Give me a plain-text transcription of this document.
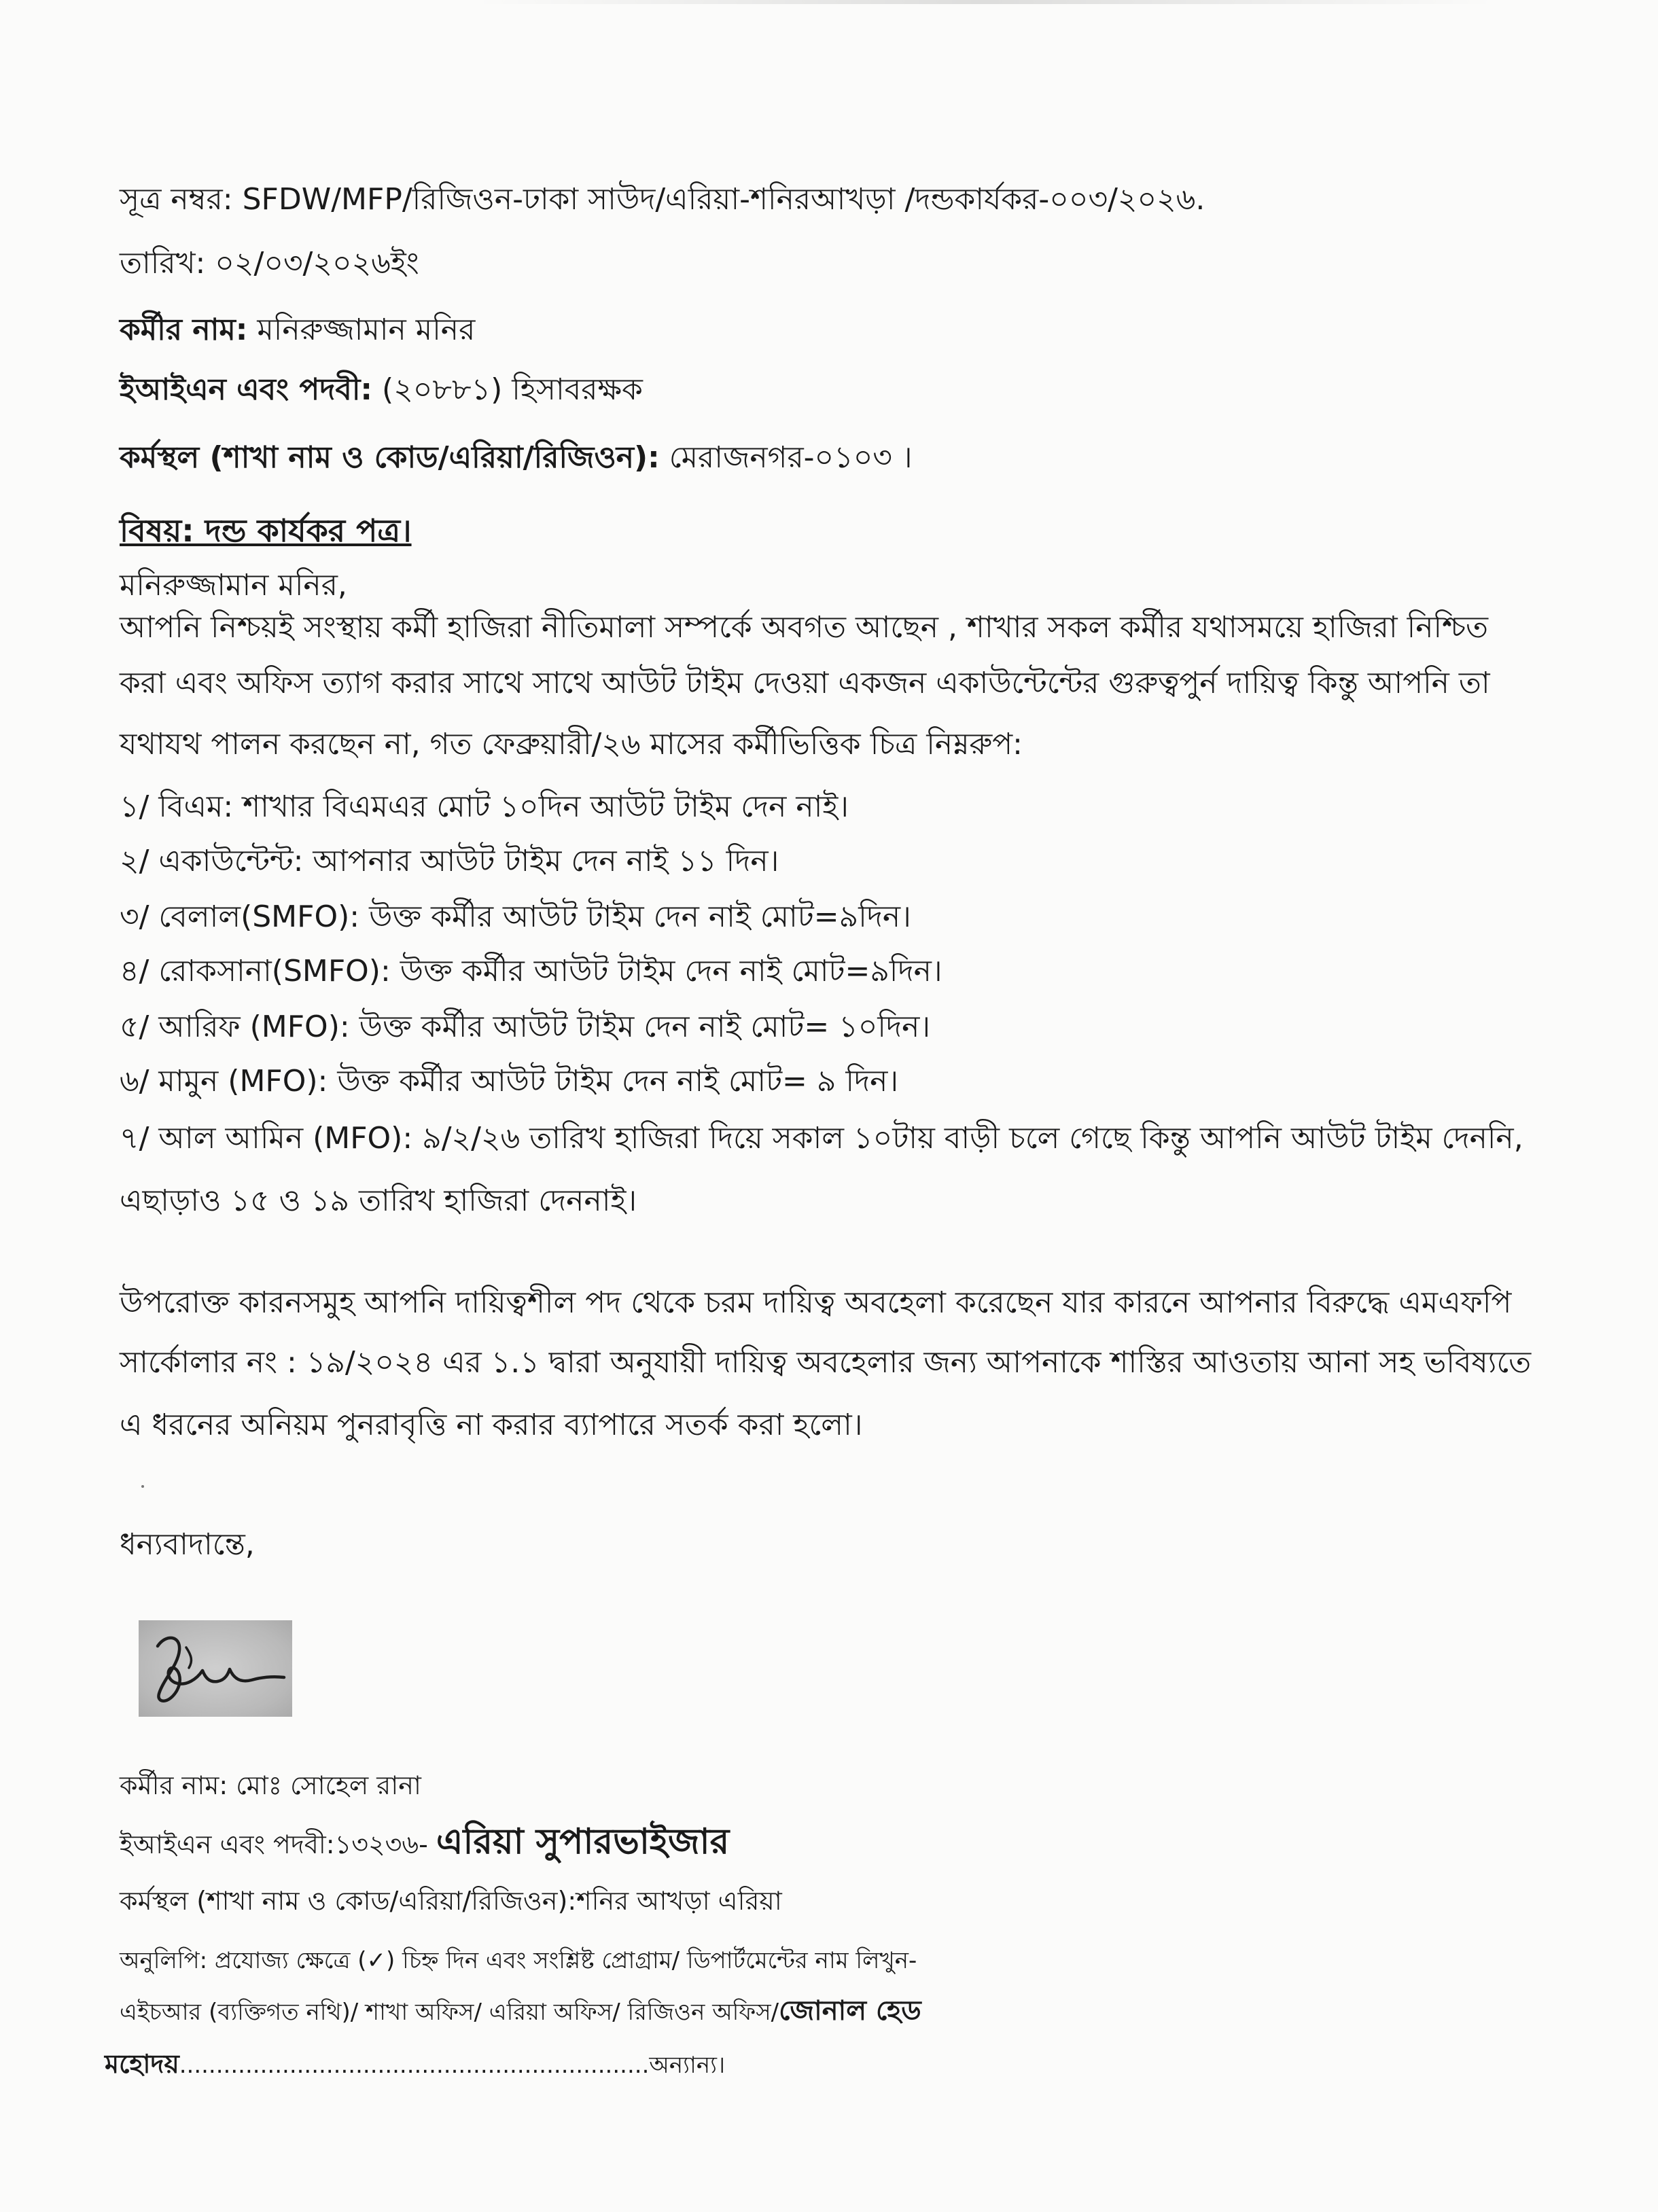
সূত্র নম্বর: SFDW/MFP/রিজিওন-ঢাকা সাউদ/এরিয়া-শনিরআখড়া /দন্ডকার্যকর-০০৩/২০২৬.
তারিখ: ০২/০৩/২০২৬ইং
কর্মীর নাম: মনিরুজ্জামান মনির
ইআইএন এবং পদবী: (২০৮৮১) হিসাবরক্ষক
কর্মস্থল (শাখা নাম ও কোড/এরিয়া/রিজিওন): মেরাজনগর-০১০৩ ।
বিষয়: দন্ড কার্যকর পত্র।
মনিরুজ্জামান মনির,
আপনি নিশ্চয়ই সংস্থায় কর্মী হাজিরা নীতিমালা সম্পর্কে অবগত আছেন , শাখার সকল কর্মীর যথাসময়ে হাজিরা নিশ্চিত
করা এবং অফিস ত্যাগ করার সাথে সাথে আউট টাইম দেওয়া একজন একাউন্টেন্টের গুরুত্বপুর্ন দায়িত্ব কিন্তু আপনি তা
যথাযথ পালন করছেন না, গত ফেব্রুয়ারী/২৬ মাসের কর্মীভিত্তিক চিত্র নিম্নরুপ:
১/ বিএম: শাখার বিএমএর মোট ১০দিন আউট টাইম দেন নাই।
২/ একাউন্টেন্ট: আপনার আউট টাইম দেন নাই ১১ দিন।
৩/ বেলাল(SMFO): উক্ত কর্মীর আউট টাইম দেন নাই মোট=৯দিন।
৪/ রোকসানা(SMFO): উক্ত কর্মীর আউট টাইম দেন নাই মোট=৯দিন।
৫/ আরিফ (MFO): উক্ত কর্মীর আউট টাইম দেন নাই মোট= ১০দিন।
৬/ মামুন (MFO): উক্ত কর্মীর আউট টাইম দেন নাই মোট= ৯ দিন।
৭/ আল আমিন (MFO): ৯/২/২৬ তারিখ হাজিরা দিয়ে সকাল ১০টায় বাড়ী চলে গেছে কিন্তু আপনি আউট টাইম দেননি,
এছাড়াও ১৫ ও ১৯ তারিখ হাজিরা দেননাই।
উপরোক্ত কারনসমুহ আপনি দায়িত্বশীল পদ থেকে চরম দায়িত্ব অবহেলা করেছেন যার কারনে আপনার বিরুদ্ধে এমএফপি
সার্কোলার নং : ১৯/২০২৪ এর ১.১ দ্বারা অনুযায়ী দায়িত্ব অবহেলার জন্য আপনাকে শাস্তির আওতায় আনা সহ ভবিষ্যতে
এ ধরনের অনিয়ম পুনরাবৃত্তি না করার ব্যাপারে সতর্ক করা হলো।
ধন্যবাদান্তে,
কর্মীর নাম: মোঃ সোহেল রানা
ইআইএন এবং পদবী:১৩২৩৬- এরিয়া সুপারভাইজার
কর্মস্থল (শাখা নাম ও কোড/এরিয়া/রিজিওন):শনির আখড়া এরিয়া
অনুলিপি: প্রযোজ্য ক্ষেত্রে (✓) চিহ্ন দিন এবং সংশ্লিষ্ট প্রোগ্রাম/ ডিপার্টমেন্টের নাম লিখুন-
এইচআর (ব্যক্তিগত নথি)/ শাখা অফিস/ এরিয়া অফিস/ রিজিওন অফিস/জোনাল হেড
মহোদয়................................................................অন্যান্য।
